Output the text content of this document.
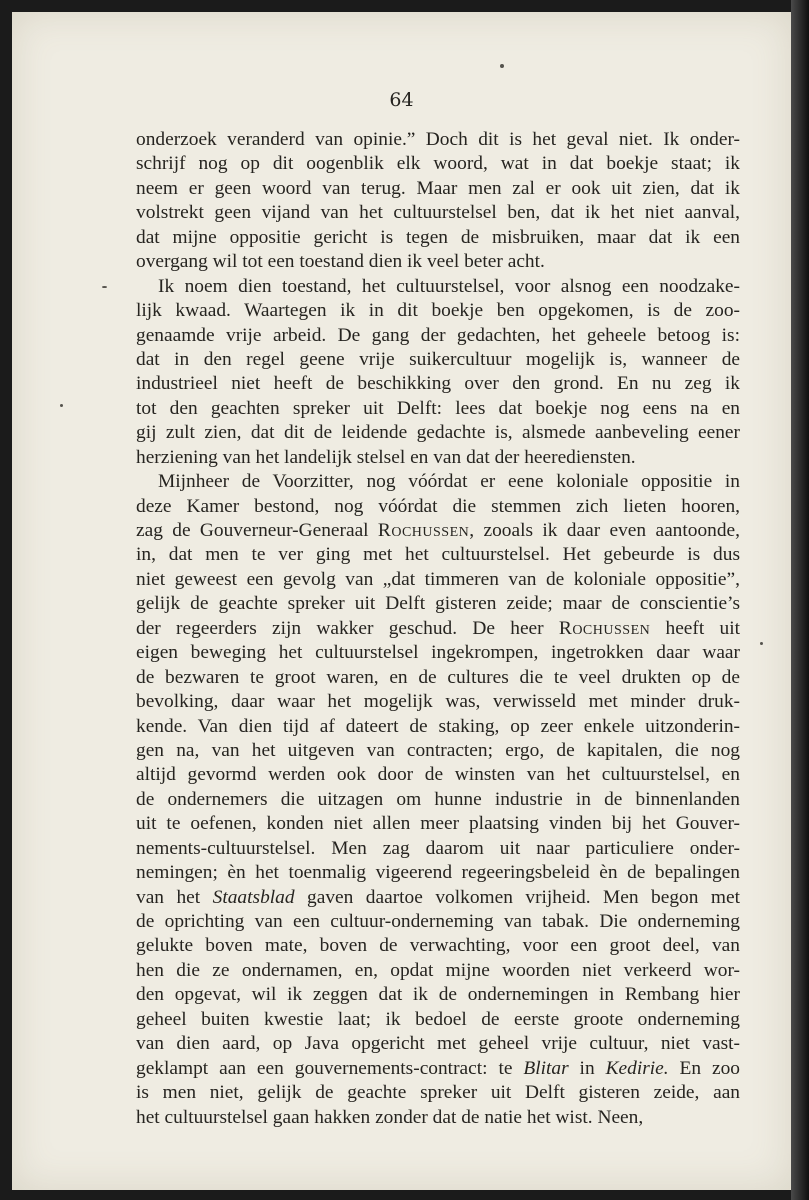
64
onderzoek veranderd van opinie.” Doch dit is het geval niet. Ik onder-
schrijf nog op dit oogenblik elk woord, wat in dat boekje staat; ik
neem er geen woord van terug. Maar men zal er ook uit zien, dat ik
volstrekt geen vijand van het cultuurstelsel ben, dat ik het niet aanval,
dat mijne oppositie gericht is tegen de misbruiken, maar dat ik een
overgang wil tot een toestand dien ik veel beter acht.
Ik noem dien toestand, het cultuurstelsel, voor alsnog een noodzake-
lijk kwaad. Waartegen ik in dit boekje ben opgekomen, is de zoo-
genaamde vrije arbeid. De gang der gedachten, het geheele betoog is:
dat in den regel geene vrije suikercultuur mogelijk is, wanneer de
industrieel niet heeft de beschikking over den grond. En nu zeg ik
tot den geachten spreker uit Delft: lees dat boekje nog eens na en
gij zult zien, dat dit de leidende gedachte is, alsmede aanbeveling eener
herziening van het landelijk stelsel en van dat der heerediensten.
Mijnheer de Voorzitter, nog vóórdat er eene koloniale oppositie in
deze Kamer bestond, nog vóórdat die stemmen zich lieten hooren,
zag de Gouverneur-Generaal Rochussen, zooals ik daar even aantoonde,
in, dat men te ver ging met het cultuurstelsel. Het gebeurde is dus
niet geweest een gevolg van „dat timmeren van de koloniale oppositie”,
gelijk de geachte spreker uit Delft gisteren zeide; maar de conscientie’s
der regeerders zijn wakker geschud. De heer Rochussen heeft uit
eigen beweging het cultuurstelsel ingekrompen, ingetrokken daar waar
de bezwaren te groot waren, en de cultures die te veel drukten op de
bevolking, daar waar het mogelijk was, verwisseld met minder druk-
kende. Van dien tijd af dateert de staking, op zeer enkele uitzonderin-
gen na, van het uitgeven van contracten; ergo, de kapitalen, die nog
altijd gevormd werden ook door de winsten van het cultuurstelsel, en
de ondernemers die uitzagen om hunne industrie in de binnenlanden
uit te oefenen, konden niet allen meer plaatsing vinden bij het Gouver-
nements-cultuurstelsel. Men zag daarom uit naar particuliere onder-
nemingen; èn het toenmalig vigeerend regeeringsbeleid èn de bepalingen
van het Staatsblad gaven daartoe volkomen vrijheid. Men begon met
de oprichting van een cultuur-onderneming van tabak. Die onderneming
gelukte boven mate, boven de verwachting, voor een groot deel, van
hen die ze ondernamen, en, opdat mijne woorden niet verkeerd wor-
den opgevat, wil ik zeggen dat ik de ondernemingen in Rembang hier
geheel buiten kwestie laat; ik bedoel de eerste groote onderneming
van dien aard, op Java opgericht met geheel vrije cultuur, niet vast-
geklampt aan een gouvernements-contract: te Blitar in Kedirie. En zoo
is men niet, gelijk de geachte spreker uit Delft gisteren zeide, aan
het cultuurstelsel gaan hakken zonder dat de natie het wist. Neen,
